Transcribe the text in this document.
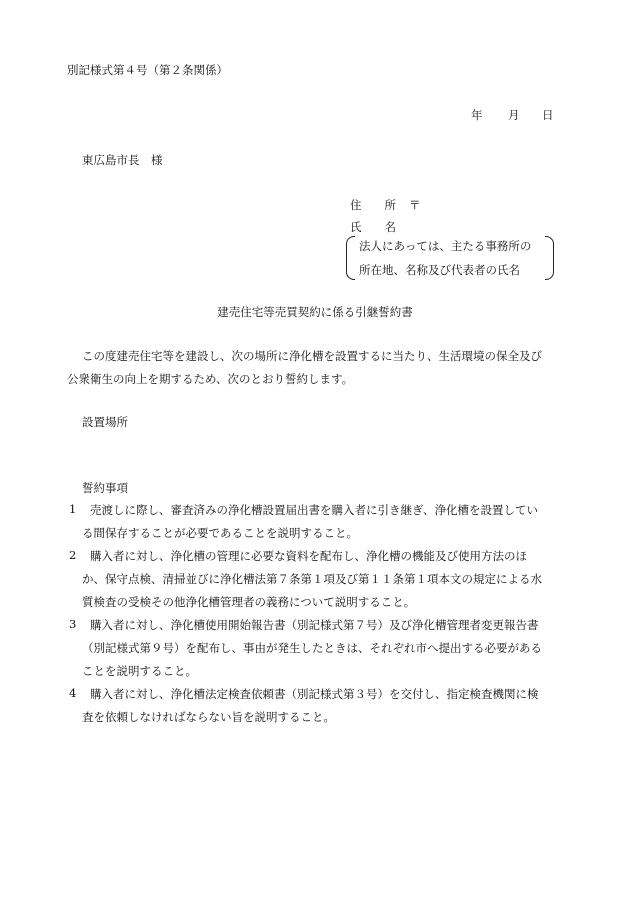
別記様式第４号（第２条関係）
年 月 日
東広島市長　様
住　　所 〒
氏　　名
法人にあっては、主たる事務所の
所在地、名称及び代表者の氏名
建売住宅等売買契約に係る引継誓約書
この度建売住宅等を建設し、次の場所に浄化槽を設置するに当たり、生活環境の保全及び
公衆衛生の向上を期するため、次のとおり誓約します。
設置場所
誓約事項
1 売渡しに際し、審査済みの浄化槽設置届出書を購入者に引き継ぎ、浄化槽を設置してい
る間保存することが必要であることを説明すること。
2 購入者に対し、浄化槽の管理に必要な資料を配布し、浄化槽の機能及び使用方法のほ
か、保守点検、清掃並びに浄化槽法第７条第１項及び第１１条第１項本文の規定による水
質検査の受検その他浄化槽管理者の義務について説明すること。
3 購入者に対し、浄化槽使用開始報告書（別記様式第７号）及び浄化槽管理者変更報告書
（別記様式第９号）を配布し、事由が発生したときは、それぞれ市へ提出する必要がある
ことを説明すること。
4 購入者に対し、浄化槽法定検査依頼書（別記様式第３号）を交付し、指定検査機関に検
査を依頼しなければならない旨を説明すること。
